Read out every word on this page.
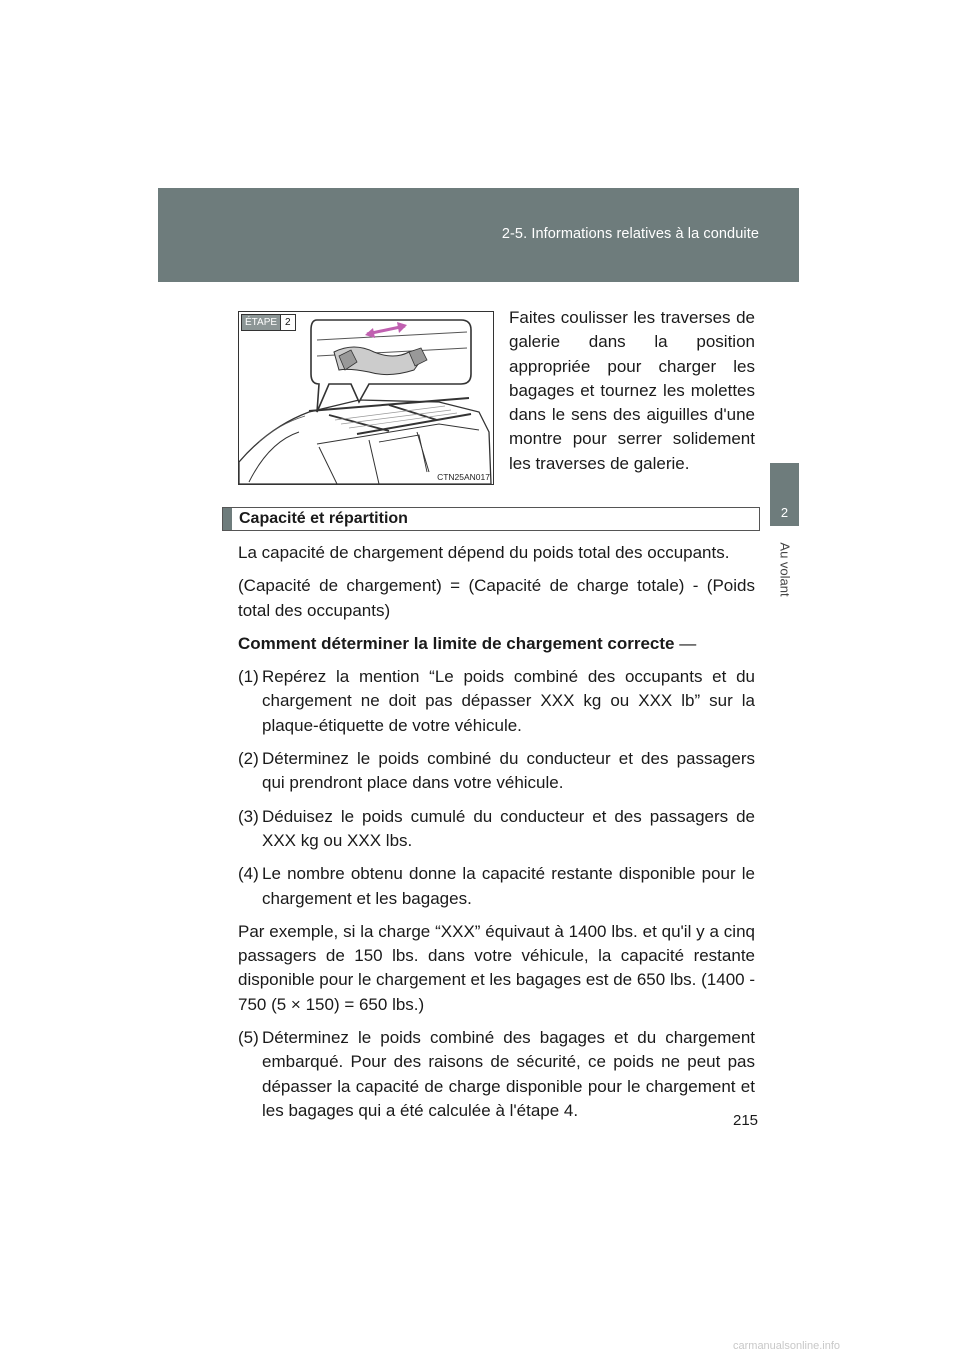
2-5. Informations relatives à la conduite
2
Au volant
ÉTAPE 2
CTN25AN017
Faites coulisser les traverses de galerie dans la position appropriée pour charger les bagages et tournez les molettes dans le sens des aiguilles d'une montre pour serrer solidement les traverses de galerie.
Capacité et répartition

La capacité de chargement dépend du poids total des occupants.

(Capacité de chargement) = (Capacité de charge totale) - (Poids total des occupants)

Comment déterminer la limite de chargement correcte —

(1) Repérez la mention “Le poids combiné des occupants et du chargement ne doit pas dépasser XXX kg ou XXX lb” sur la plaque-étiquette de votre véhicule.
(2) Déterminez le poids combiné du conducteur et des passagers qui prendront place dans votre véhicule.
(3) Déduisez le poids cumulé du conducteur et des passagers de XXX kg ou XXX lbs.
(4) Le nombre obtenu donne la capacité restante disponible pour le chargement et les bagages.

Par exemple, si la charge “XXX” équivaut à 1400 lbs. et qu'il y a cinq passagers de 150 lbs. dans votre véhicule, la capacité restante disponible pour le chargement et les bagages est de 650 lbs. (1400 - 750 (5 × 150) = 650 lbs.)

(5) Déterminez le poids combiné des bagages et du chargement embarqué. Pour des raisons de sécurité, ce poids ne peut pas dépasser la capacité de charge disponible pour le chargement et les bagages qui a été calculée à l'étape 4.
215
carmanualsonline.info
